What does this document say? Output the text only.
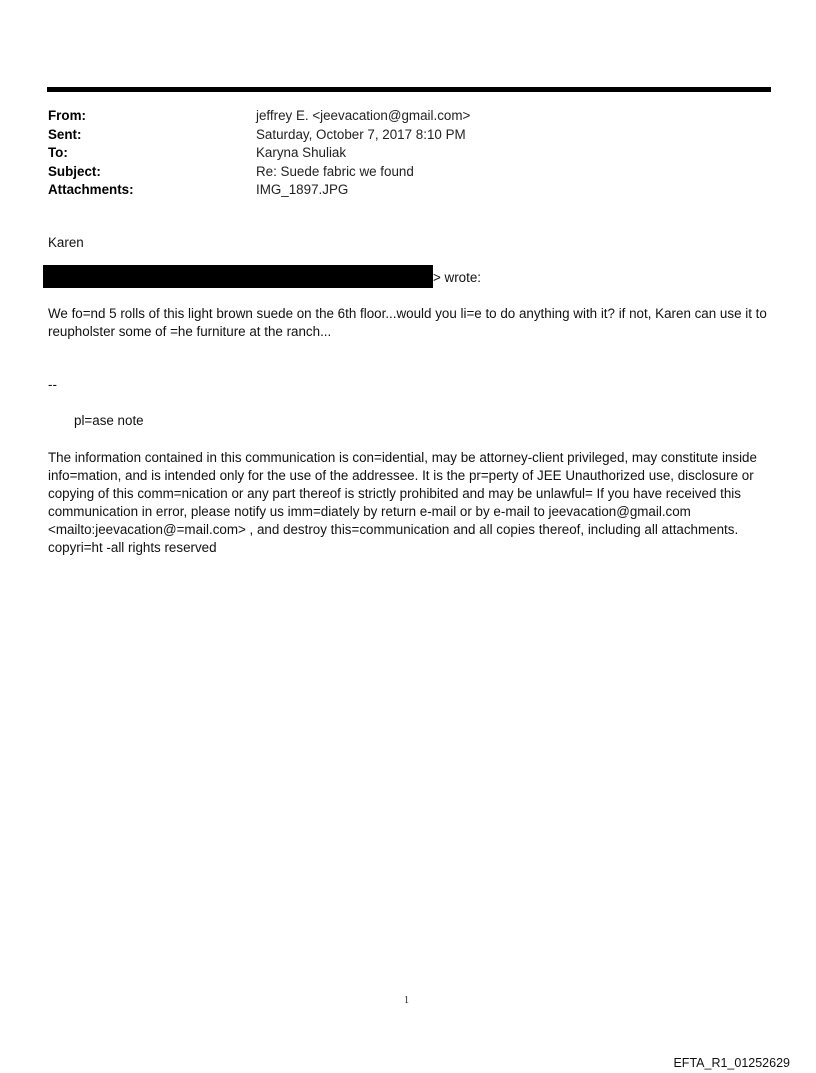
From:	jeffrey E. <jeevacation@gmail.com>
Sent:	Saturday, October 7, 2017 8:10 PM
To:	Karyna Shuliak
Subject:	Re: Suede fabric we found
Attachments:	IMG_1897.JPG
Karen
> wrote:
We fo=nd 5 rolls of this light brown suede on the 6th floor...would you li=e to do anything with it? if not, Karen can use it to reupholster some of =he furniture at the ranch...
--
pl=ase note
The information contained in this communication is con=idential, may be attorney-client privileged, may constitute inside info=mation, and is intended only for the use of the addressee. It is the pr=perty of JEE Unauthorized use, disclosure or copying of this comm=nication or any part thereof is strictly prohibited and may be unlawful= If you have received this communication in error, please notify us imm=diately by return e-mail or by e-mail to jeevacation@gmail.com <mailto:jeevacation@=mail.com> , and destroy this=communication and all copies thereof, including all attachments. copyri=ht -all rights reserved
1
EFTA_R1_01252629
